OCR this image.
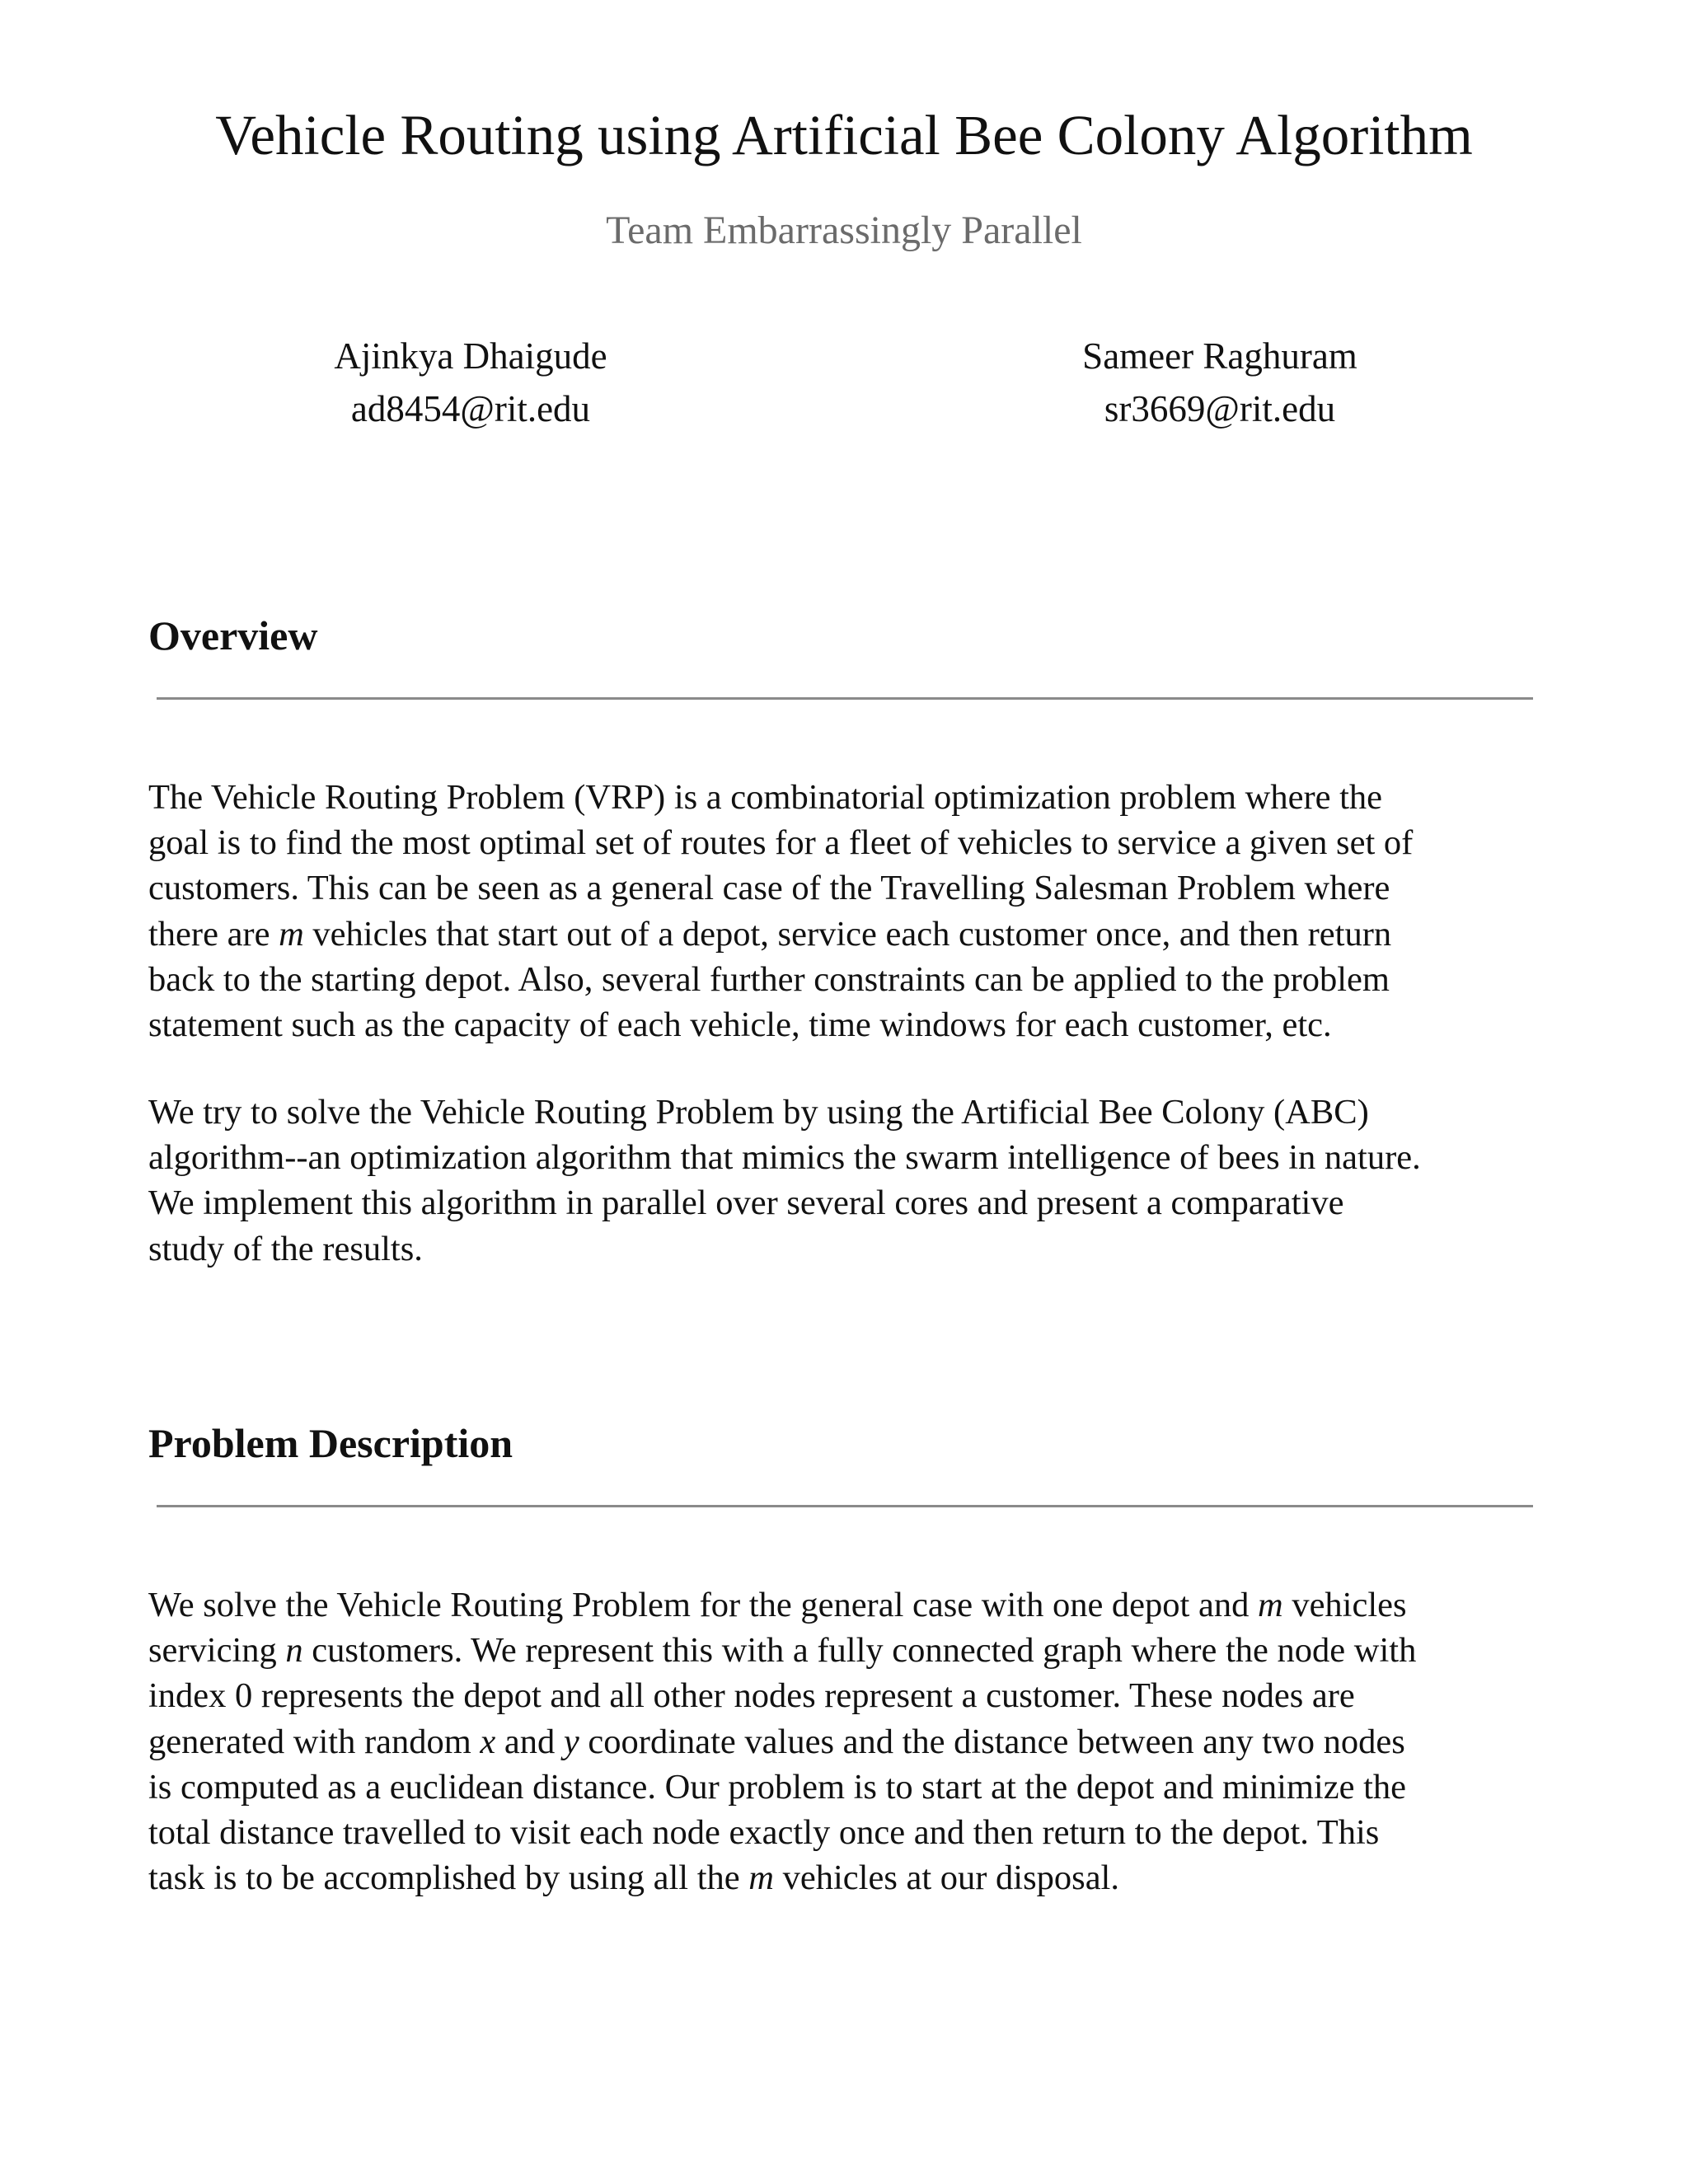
Vehicle Routing using Artificial Bee Colony Algorithm
Team Embarrassingly Parallel
Ajinkya Dhaigude
ad8454@rit.edu
Sameer Raghuram
sr3669@rit.edu
Overview

The Vehicle Routing Problem (VRP) is a combinatorial optimization problem where the
goal is to find the most optimal set of routes for a fleet of vehicles to service a given set of
customers. This can be seen as a general case of the Travelling Salesman Problem where
there are m vehicles that start out of a depot, service each customer once, and then return
back to the starting depot. Also, several further constraints can be applied to the problem
statement such as the capacity of each vehicle, time windows for each customer, etc.

We try to solve the Vehicle Routing Problem by using the Artificial Bee Colony (ABC)
algorithm--an optimization algorithm that mimics the swarm intelligence of bees in nature.
We implement this algorithm in parallel over several cores and present a comparative
study of the results.

Problem Description

We solve the Vehicle Routing Problem for the general case with one depot and m vehicles
servicing n customers. We represent this with a fully connected graph where the node with
index 0 represents the depot and all other nodes represent a customer. These nodes are
generated with random x and y coordinate values and the distance between any two nodes
is computed as a euclidean distance. Our problem is to start at the depot and minimize the
total distance travelled to visit each node exactly once and then return to the depot. This
task is to be accomplished by using all the m vehicles at our disposal.
